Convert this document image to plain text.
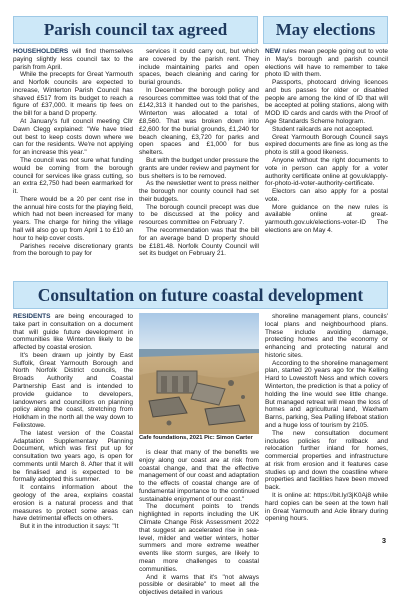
Parish council tax agreed	May elections

HOUSEHOLDERS will find themselves paying slightly less council tax to the parish from April.

While the precepts for Great Yarmouth and Norfolk councils are expected to increase, Winterton Parish Council has shaved £517 from its budget to reach a figure of £37,000. It means tip fees on the bill for a band D property.

At January's full council meeting Cllr Dawn Clegg explained: "We have tried out best to keep costs down where we can for the residents. We're not applying for an increase this year."

The council was not sure what funding would be coming from the borough council for services like grass cutting, so an extra £2,750 had been earmarked for it.

There would be a 20 per cent rise in the annual hire costs for the playing field, which had not been increased for many years. The charge for hiring the village hall will also go up from April 1 to £10 an hour to help cover costs.

Parishes receive discretionary grants from the borough to pay for

services it could carry out, but which are covered by the parish rent. They include maintaining parks and open spaces, beach cleaning and caring for burial grounds.

In December the borough policy and resources committee was told that of the £142,313 it handed out to the parishes, Winterton was allocated a total of £8,560. That was broken down into £2,600 for the burial grounds, £1,240 for beach cleaning, £3,720 for parks and open spaces and £1,000 for bus shelters.

But with the budget under pressure the grants are under review and payment for bus shelters is to be removed.

As the newsletter went to press neither the borough nor county council had set their budgets.

The borough council precept was due to be discussed at the policy and resources committee on February 7.

The recommendation was that the bill for an average band D property should be £181.48. Norfolk County Council will set its budget on February 21.

NEW rules mean people going out to vote in May's borough and parish council elections will have to remember to take photo ID with them.

Passports, photocard driving licences and bus passes for older or disabled people are among the kind of ID that will be accepted at polling stations, along with MOD ID cards and cards with the Proof of Age Standards Scheme hologram.

Student railcards are not accepted.

Great Yarmouth Borough Council says expired documents are fine as long as the photo is still a good likeness.

Anyone without the right documents to vote in person can apply for a voter authority certificate online at gov.uk/apply-for-photo-id-voter-authority-certificate.

Electors can also apply for a postal vote.

More guidance on the new rules is available online at great-yarmouth.gov.uk/elections-voter-ID The elections are on May 4.

Consultation on future coastal development

RESIDENTS are being encouraged to take part in consultation on a document that will guide future development in communities like Winterton likely to be affected by coastal erosion.

It's been drawn up jointly by East Suffolk, Great Yarmouth Borough and North Norfolk District councils, the Broads Authority and Coastal Partnership East and is intended to provide guidance to developers, landowners and councillors on planning policy along the coast, stretching from Holkham in the north all the way down to Felixstowe.

The latest version of the Coastal Adaptation Supplementary Planning Document, which was first put up for consultation two years ago, is open for comments until March 8. After that it will be finalised and is expected to be formally adopted this summer.

It contains information about the geology of the area, explains coastal erosion is a natural process and that measures to protect some areas can have detrimental effects on others.

But it in the introduction it says: "It

Cafe foundations, 2021 Pic: Simon Carter

is clear that many of the benefits we enjoy along our coast are at risk from coastal change, and that the effective management of our coast and adaptation to the effects of coastal change are of fundamental importance to the continued sustainable enjoyment of our coast."

The document points to trends highlighted in reports including the UK Climate Change Risk Assessment 2022 that suggest an accelerated rise in sea-level, milder and wetter winters, hotter summers and more extreme weather events like storm surges, are likely to mean more challenges to coastal communities.

And it warns that it's "not always possible or desirable" to meet all the objectives detailed in various

shoreline management plans, councils' local plans and neighbourhood plans. These include avoiding damage, protecting homes and the economy or enhancing and protecting natural and historic sites.

According to the shoreline management plan, started 20 years ago for the Kelling Hard to Lowestoft Ness and which covers Winterton, the prediction is that a policy of holding the line would see little change. But managed retreat will mean the loss of homes and agricultural land, Waxham Barns, parking, Sea Palling lifeboat station and a huge loss of tourism by 2105.

The new consultation document includes policies for rollback and relocation further inland for homes, commercial properties and infrastructure at risk from erosion and it features case studies up and down the coastline where properties and facilities have been moved back.

It is online at: https://bit.ly/3jK0Aj8 while hard copies can be seen at the town hall in Great Yarmouth and Acle library during opening hours.

3
